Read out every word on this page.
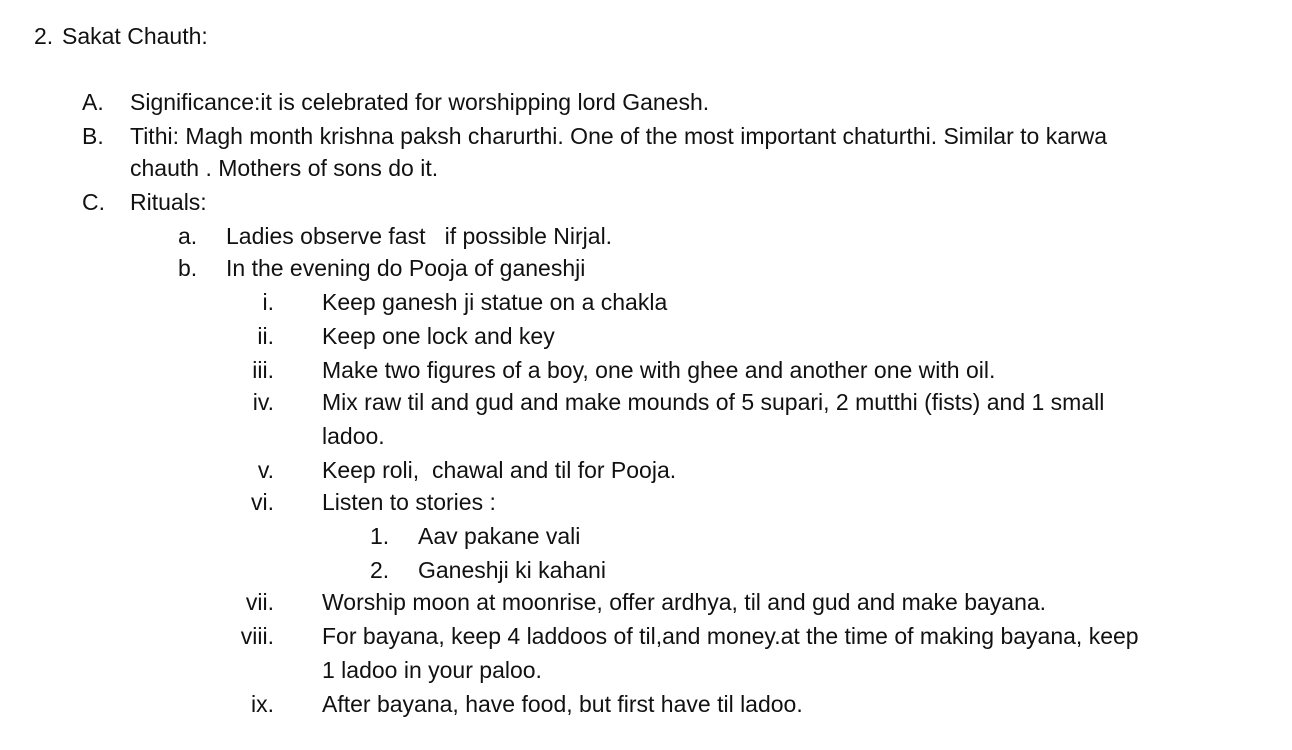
2. Sakat Chauth:
A. Significance:it is celebrated for worshipping lord Ganesh.
B. Tithi: Magh month krishna paksh charurthi. One of the most important chaturthi. Similar to karwa
chauth . Mothers of sons do it.
C. Rituals:
a. Ladies observe fast   if possible Nirjal.
b. In the evening do Pooja of ganeshji
i. Keep ganesh ji statue on a chakla
ii. Keep one lock and key
iii. Make two figures of a boy, one with ghee and another one with oil.
iv. Mix raw til and gud and make mounds of 5 supari, 2 mutthi (fists) and 1 small
ladoo.
v. Keep roli,  chawal and til for Pooja.
vi. Listen to stories :
1. Aav pakane vali
2. Ganeshji ki kahani
vii. Worship moon at moonrise, offer ardhya, til and gud and make bayana.
viii. For bayana, keep 4 laddoos of til,and money.at the time of making bayana, keep
1 ladoo in your paloo.
ix. After bayana, have food, but first have til ladoo.
